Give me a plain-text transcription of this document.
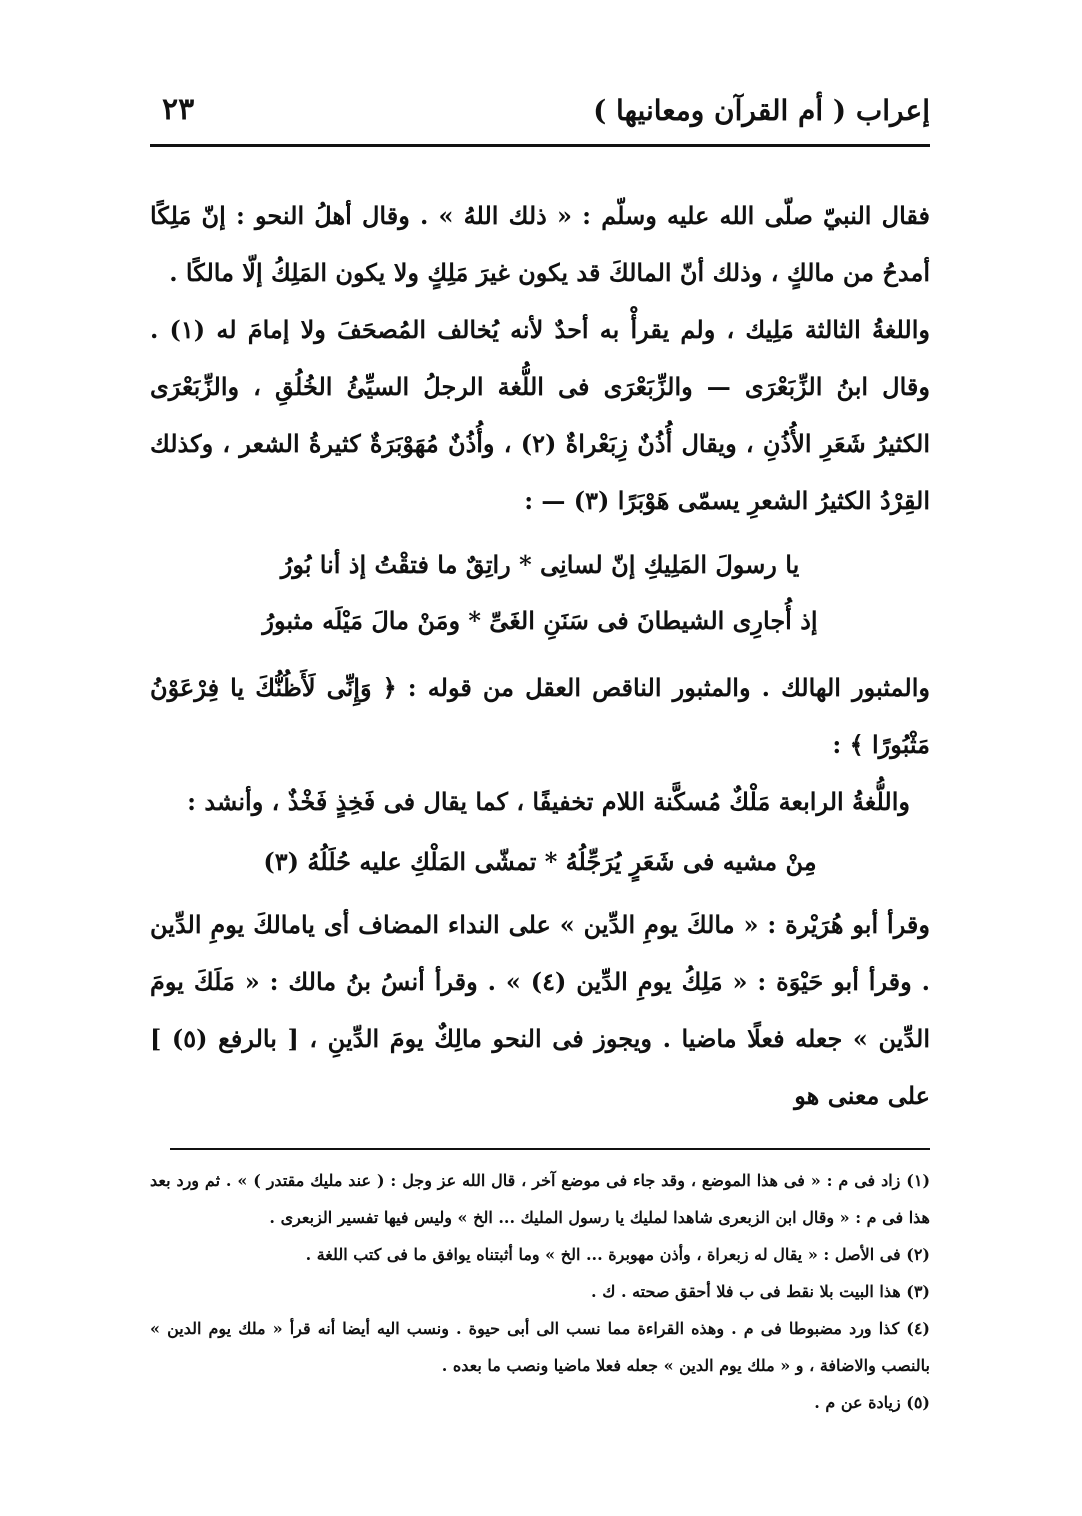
إعراب ( أم القرآن ومعانيها )
٢٣

فقال النبيّ صلّى الله عليه وسلّم : « ذلك اللهُ » . وقال أهلُ النحو : إنّ مَلِكًا أمدحُ من مالكٍ ، وذلك أنّ المالكَ قد يكون غيرَ مَلِكٍ ولا يكون المَلِكُ إلّا مالكًا .

واللغةُ الثالثة مَلِيك ، ولم يقرأْ به أحدٌ لأنه يُخالف المُصحَفَ ولا إمامَ له (١) . وقال ابنُ الزِّبَعْرَى — والزِّبَعْرَى فى اللُّغة الرجلُ السيِّئُ الخُلُقِ ، والزِّبَعْرَى الكثيرُ شَعَرِ الأُذُنِ ، ويقال أُذُنٌ زِبَعْراةٌ (٢) ، وأُذُنٌ مُهَوْبَرَةٌ كثيرةُ الشعر ، وكذلك القِرْدُ الكثيرُ الشعرِ يسمّى هَوْبَرًا (٣) — :

يا رسولَ المَلِيكِ إنّ لسانِى * راتِقٌ ما فتقْتُ إذ أنا بُورُ
إذ أُجارِى الشيطانَ فى سَنَنِ الغَىِّ * ومَنْ مالَ مَيْلَه مثبورُ

والمثبور الهالك . والمثبور الناقص العقل من قوله : ﴿ وَإِنِّى لَأَظُنُّكَ يا فِرْعَوْنُ مَثْبُورًا ﴾ :

واللُّغةُ الرابعة مَلْكٌ مُسكَّنة اللام تخفيفًا ، كما يقال فى فَخِذٍ فَخْذٌ ، وأنشد :

مِنْ مشيه فى شَعَرٍ يُرَجِّلُهُ * تمشّى المَلْكِ عليه حُلَلُهُ (٣)

وقرأ أبو هُرَيْرة : « مالكَ يومِ الدِّين » على النداء المضاف أى يامالكَ يومِ الدِّين . وقرأ أبو حَيْوَة : « مَلِكُ يومِ الدِّين (٤) » . وقرأ أنسُ بنُ مالك : « مَلَكَ يومَ الدِّين » جعله فعلًا ماضيا . ويجوز فى النحو مالِكٌ يومَ الدِّينِ ، [ بالرفع (٥) ] على معنى هو

(١) زاد فى م : « فى هذا الموضع ، وقد جاء فى موضع آخر ، قال الله عز وجل : ( عند مليك مقتدر ) » . ثم ورد بعد هذا فى م : « وقال ابن الزبعرى شاهدا لمليك يا رسول المليك ... الخ » وليس فيها تفسير الزبعرى .

(٢) فى الأصل : « يقال له زبعراة ، وأذن مهوبرة ... الخ » وما أثبتناه يوافق ما فى كتب اللغة .

(٣) هذا البيت بلا نقط فى ب فلا أحقق صحته . ك .

(٤) كذا ورد مضبوطا فى م . وهذه القراءة مما نسب الى أبى حيوة . ونسب اليه أيضا أنه قرأ « ملك يوم الدين » بالنصب والاضافة ، و « ملك يوم الدين » جعله فعلا ماضيا ونصب ما بعده .

(٥) زيادة عن م .
